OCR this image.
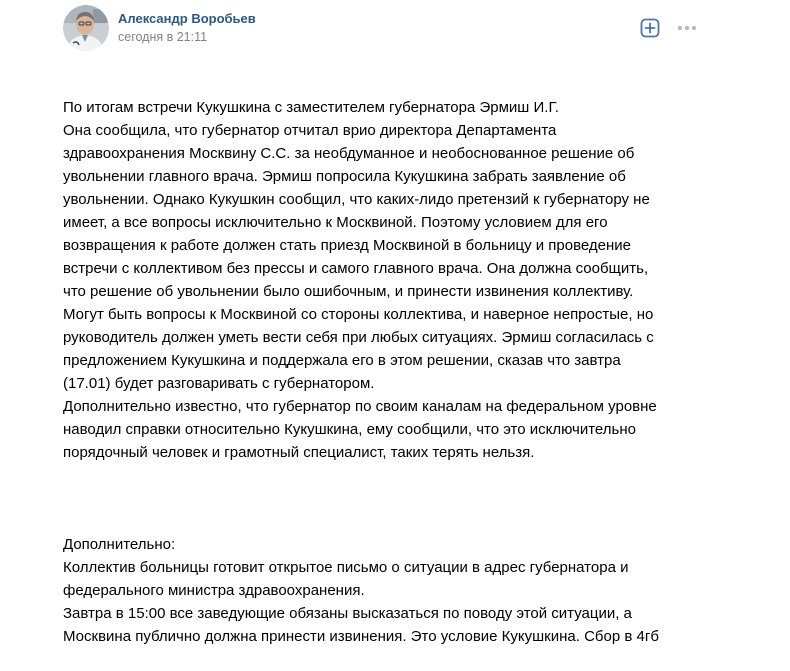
Александр Воробьев
сегодня в 21:11

По итогам встречи Кукушкина с заместителем губернатора Эрмиш И.Г.
Она сообщила, что губернатор отчитал врио директора Департамента
здравоохранения Москвину С.С. за необдуманное и необоснованное решение об
увольнении главного врача. Эрмиш попросила Кукушкина забрать заявление об
увольнении. Однако Кукушкин сообщил, что каких-лидо претензий к губернатору не
имеет, а все вопросы исключительно к Москвиной. Поэтому условием для его
возвращения к работе должен стать приезд Москвиной в больницу и проведение
встречи с коллективом без прессы и самого главного врача. Она должна сообщить,
что решение об увольнении было ошибочным, и принести извинения коллективу.
Могут быть вопросы к Москвиной со стороны коллектива, и наверное непростые, но
руководитель должен уметь вести себя при любых ситуациях. Эрмиш согласилась с
предложением Кукушкина и поддержала его в этом решении, сказав что завтра
(17.01) будет разговаривать с губернатором.
Дополнительно известно, что губернатор по своим каналам на федеральном уровне
наводил справки относительно Кукушкина, ему сообщили, что это исключительно
порядочный человек и грамотный специалист, таких терять нельзя.

Дополнительно:
Коллектив больницы готовит открытое письмо о ситуации в адрес губернатора и
федерального министра здравоохранения.
Завтра в 15:00 все заведующие обязаны высказаться по поводу этой ситуации, а
Москвина публично должна принести извинения. Это условие Кукушкина. Сбор в 4гб
